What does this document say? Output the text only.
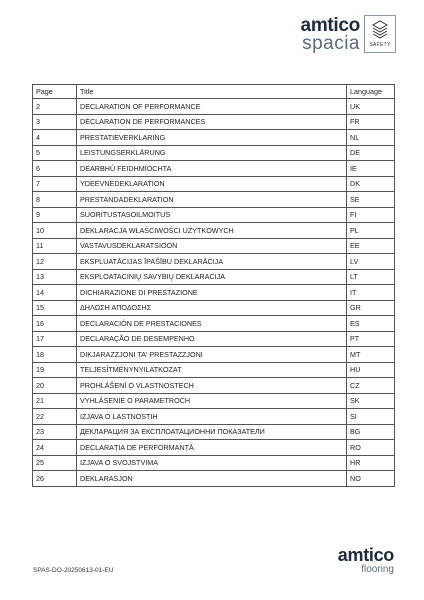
amtico
spacia	SAFETY
Page	Title	Language
2	DECLARATION OF PERFORMANCE	UK
3	DÉCLARATION DE PERFORMANCES	FR
4	PRESTATIEVERKLARING	NL
5	LEISTUNGSERKLÄRUNG	DE
6	DEARBHÚ FEIDHMÍOCHTA	IE
7	YDEEVNEDEKLARATION	DK
8	PRESTANDADEKLARATION	SE
9	SUORITUSTASOILMOITUS	FI
10	DEKLARACJA WŁAŚCIWOŚCI UŻYTKOWYCH	PL
11	VASTAVUSDEKLARATSIOON	EE
12	EKSPLUATĀCIJAS ĪPAŠĪBU DEKLARĀCIJA	LV
13	EKSPLOATACINIŲ SAVYBIŲ DEKLARACIJA	LT
14	DICHIARAZIONE DI PRESTAZIONE	IT
15	ΔΗΛΩΣΗ ΑΠΟΔΟΣΗΣ	GR
16	DECLARACIÓN DE PRESTACIONES	ES
17	DECLARAÇÃO DE DESEMPENHO	PT
18	DIKJARAZZJONI TA' PRESTAZZJONI	MT
19	TELJESÍTMÉNYNYILATKOZAT	HU
20	PROHLÁŠENÍ O VLASTNOSTECH	CZ
21	VYHLÁSENIE O PARAMETROCH	SK
22	IZJAVA O LASTNOSTIH	SI
23	ДЕКЛАРАЦИЯ ЗА ЕКСПЛОАТАЦИОННИ ПОКАЗАТЕЛИ	BG
24	DECLARAȚIA DE PERFORMANȚĂ	RO
25	IZJAVA O SVOJSTVIMA	HR
26	DEKLARASJON	NO
SPAS-DO-20250613-01-EU
amtico
flooring
